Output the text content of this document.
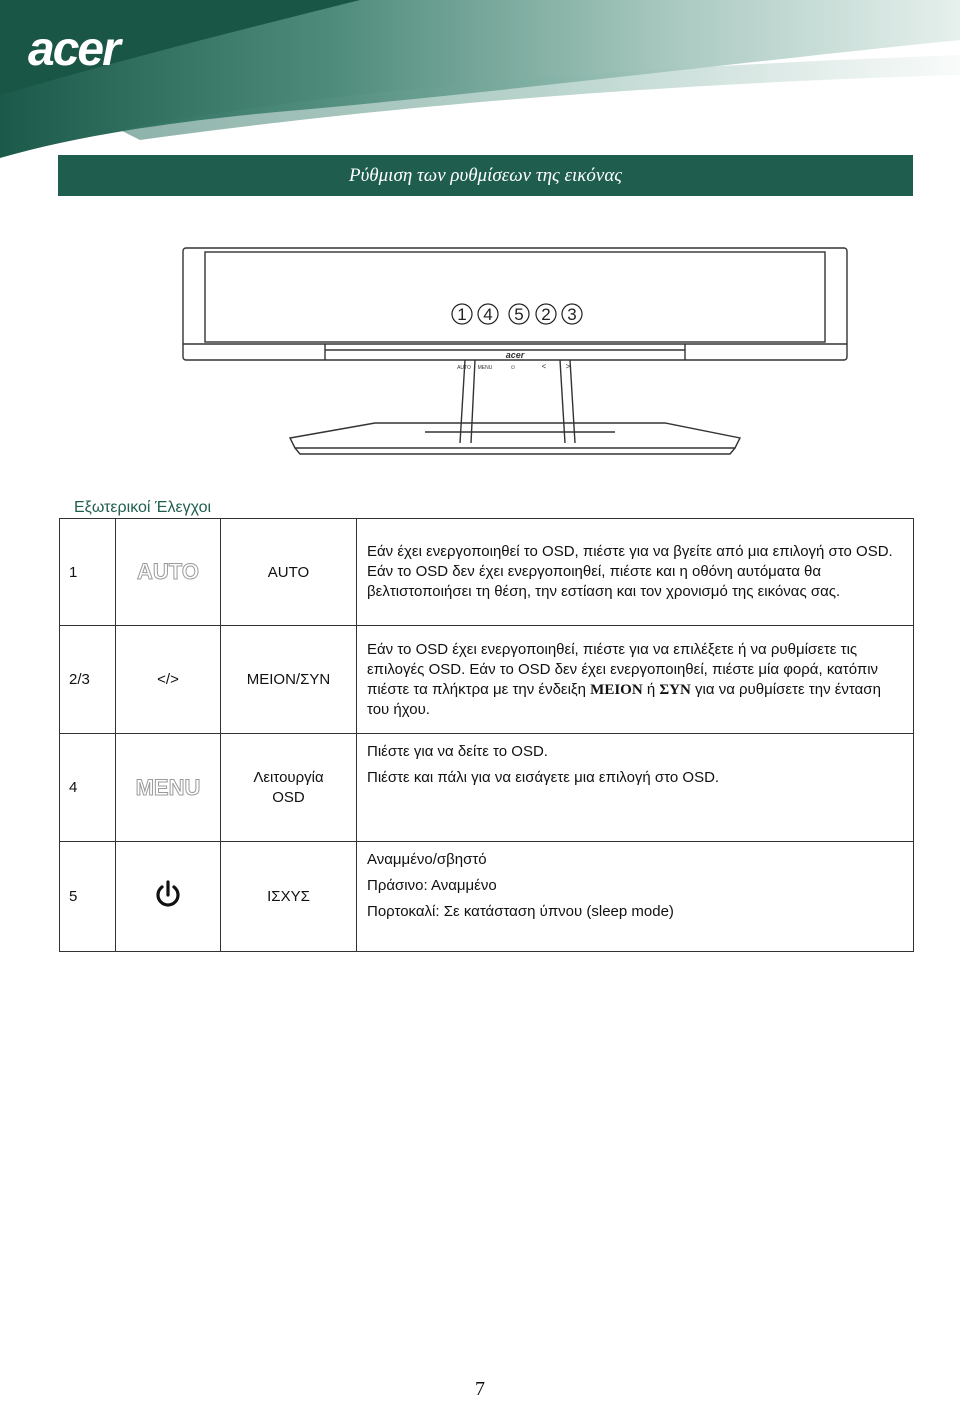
acer
Ρύθμιση των ρυθμίσεων της εικόνας
1 4 5 2 3
AUTO MENU	⏻	< >
acer
Εξωτερικοί Έλεγχοι
1	AUTO	AUTO	Εάν έχει ενεργοποιηθεί το OSD, πιέστε για να βγείτε από μια επιλογή στο OSD. Εάν το OSD δεν έχει ενεργοποιηθεί, πιέστε και η οθόνη αυτόματα θα βελτιστοποιήσει τη θέση, την εστίαση και τον χρονισμό της εικόνας σας.
2/3	</>	ΜΕΙΟΝ/ΣΥΝ	Εάν το OSD έχει ενεργοποιηθεί, πιέστε για να επιλέξετε ή να ρυθμίσετε τις επιλογές OSD. Εάν το OSD δεν έχει ενεργοποιηθεί, πιέστε μία φορά, κατόπιν πιέστε τα πλήκτρα με την ένδειξη ΜΕΙΟΝ ή ΣΥΝ για να ρυθμίσετε την ένταση του ήχου.
4	MENU	Λειτουργία OSD	Πιέστε για να δείτε το OSD.
Πιέστε και πάλι για να εισάγετε μια επιλογή στο OSD.

5		ΙΣΧΥΣ	Αναμμένο/σβηστό
Πράσινο: Αναμμένο
Πορτοκαλί: Σε κατάσταση ύπνου (sleep mode)
7
